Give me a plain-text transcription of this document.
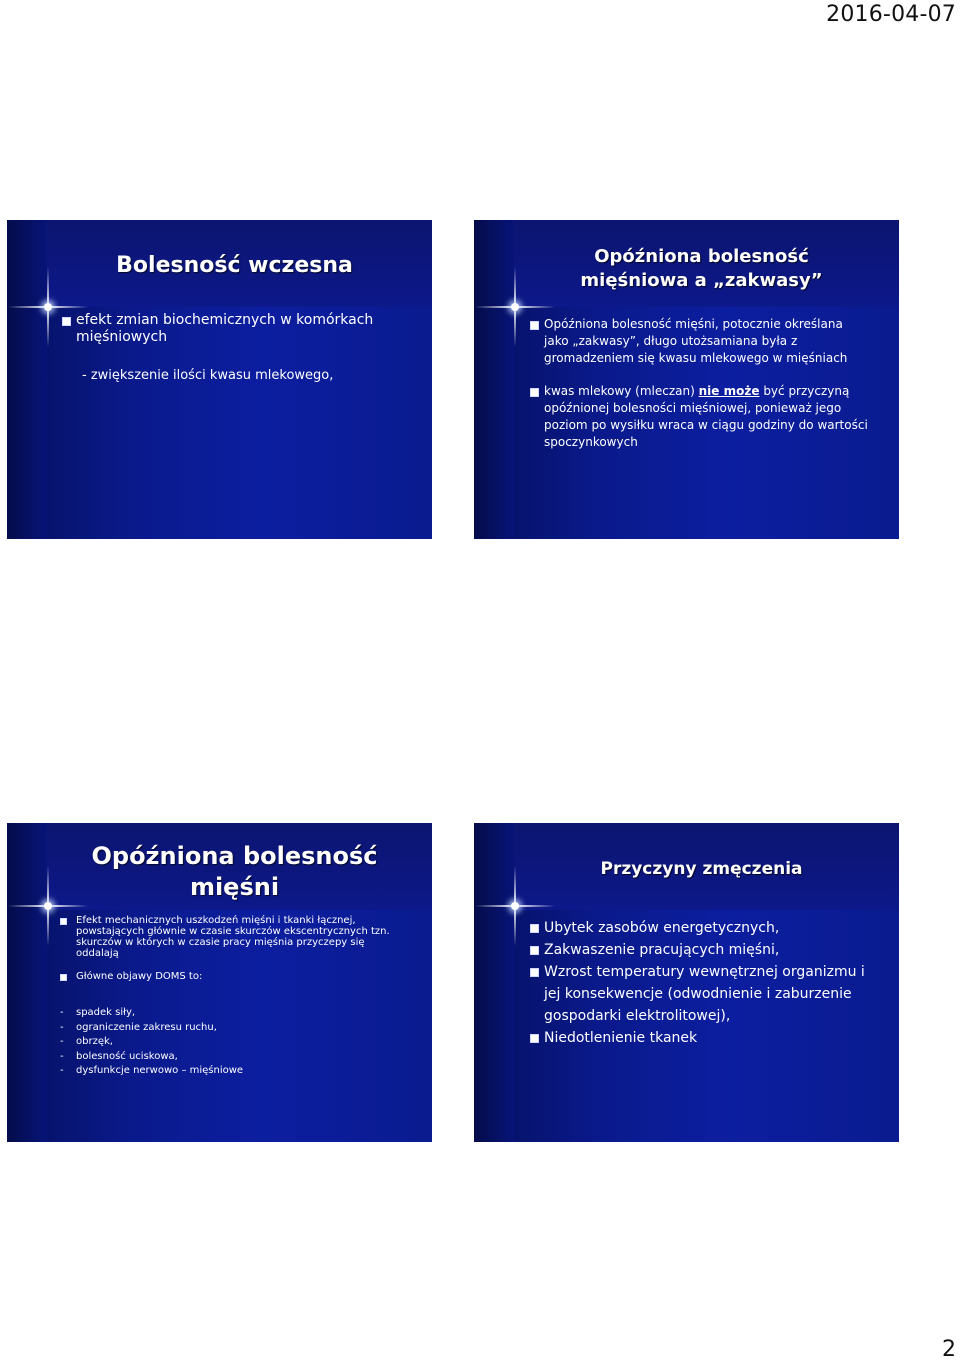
2016-04-07
Bolesność wczesna
efekt zmian biochemicznych w komórkach mięśniowych
- zwiększenie ilości kwasu mlekowego,
Opóźniona bolesność
mięśniowa a „zakwasy”
Opóźniona bolesność mięśni, potocznie określana jako „zakwasy”, długo utożsamiana była z gromadzeniem się kwasu mlekowego w mięśniach
kwas mlekowy (mleczan) nie może być przyczyną opóźnionej bolesności mięśniowej, ponieważ jego poziom po wysiłku wraca w ciągu godziny do wartości spoczynkowych
Opóźniona bolesność
mięśni
Efekt mechanicznych uszkodzeń mięśni i tkanki łącznej, powstających głównie w czasie skurczów ekscentrycznych tzn. skurczów w których w czasie pracy mięśnia przyczepy się oddalają
Główne objawy DOMS to:
- spadek siły,
- ograniczenie zakresu ruchu,
- obrzęk,
- bolesność uciskowa,
- dysfunkcje nerwowo – mięśniowe
Przyczyny zmęczenia
Ubytek zasobów energetycznych,
Zakwaszenie pracujących mięśni,
Wzrost temperatury wewnętrznej organizmu i jej konsekwencje (odwodnienie i zaburzenie gospodarki elektrolitowej),
Niedotlenienie tkanek
2
